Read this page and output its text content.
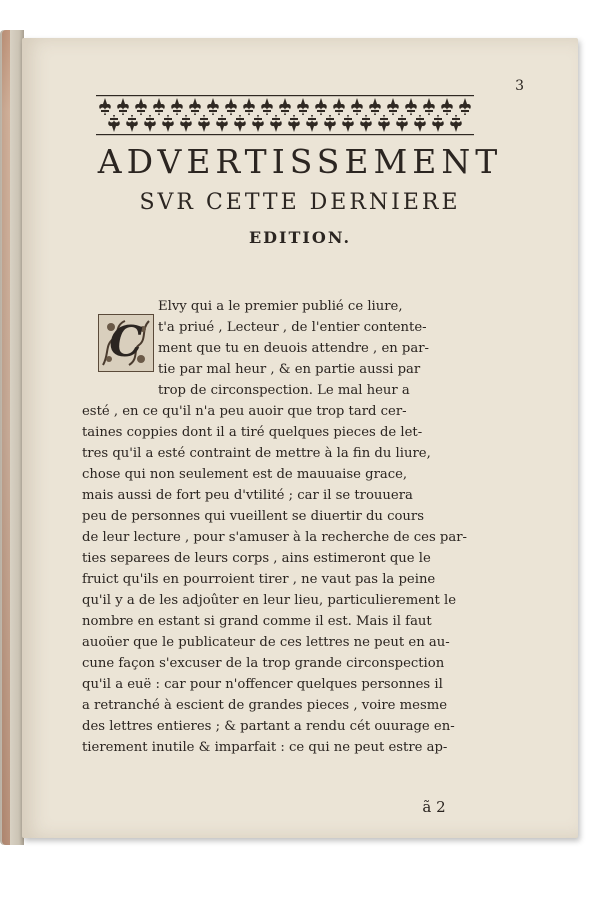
3
ADVERTISSEMENT
SVR CETTE DERNIERE
EDITION.
C
Elvy qui a le premier publié ce liure,
t'a priué , Lecteur , de l'entier contente-
ment que tu en deuois attendre , en par-
tie par mal heur , & en partie aussi par
trop de circonspection. Le mal heur a
esté , en ce qu'il n'a peu auoir que trop tard cer-
taines coppies dont il a tiré quelques pieces de let-
tres qu'il a esté contraint de mettre à la fin du liure,
chose qui non seulement est de mauuaise grace,
mais aussi de fort peu d'vtilité ; car il se trouuera
peu de personnes qui vueillent se diuertir du cours
de leur lecture , pour s'amuser à la recherche de ces par-
ties separees de leurs corps , ains estimeront que le
fruict qu'ils en pourroient tirer , ne vaut pas la peine
qu'il y a de les adjoûter en leur lieu, particulierement le
nombre en estant si grand comme il est. Mais il faut
auoüer que le publicateur de ces lettres ne peut en au-
cune façon s'excuser de la trop grande circonspection
qu'il a euë : car pour n'offencer quelques personnes il
a retranché à escient de grandes pieces , voire mesme
des lettres entieres ; & partant a rendu cét ouurage en-
tierement inutile & imparfait : ce qui ne peut estre ap-
ã 2
